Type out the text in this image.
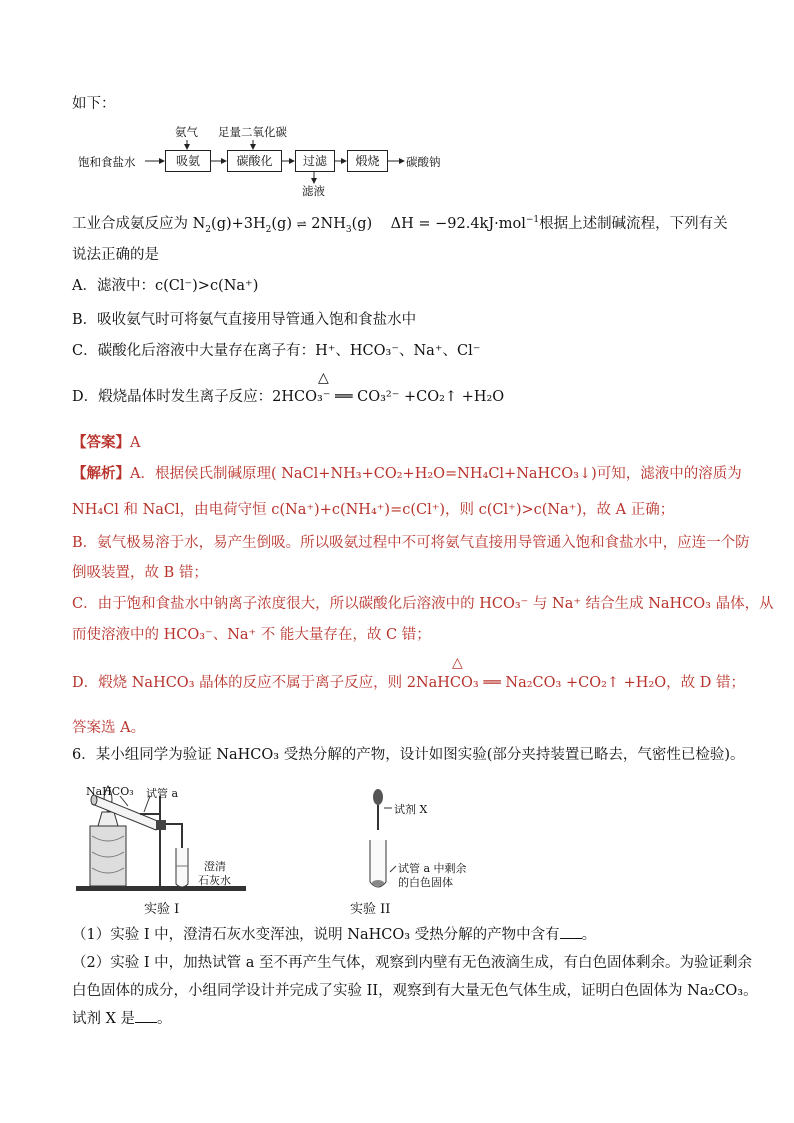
如下：
饱和食盐水	吸氨	碳酸化	过滤	煅烧	碳酸钠
氨气 足量二氧化碳
滤液
工业合成氨反应为 $N_2(g)+3H_2(g)$ ⇌ $2NH_3(g) \Delta H = -92.4kJ\cdot mol^{-1}$根据上述制碱流程，下列有关
说法正确的是
A．滤液中：c(Cl⁻)>c(Na⁺)
B．吸收氨气时可将氨气直接用导管通入饱和食盐水中
C．碳酸化后溶液中大量存在离子有：H⁺、HCO₃⁻、Na⁺、Cl⁻
△
D．煅烧晶体时发生离子反应：2HCO₃⁻ ══ CO₃²⁻ +CO₂↑ +H₂O
【答案】A
【解析】A．根据侯氏制碱原理( NaCl+NH₃+CO₂+H₂O=NH₄Cl+NaHCO₃↓)可知，滤液中的溶质为
NH₄Cl 和 NaCl，由电荷守恒 c(Na⁺)+c(NH₄⁺)=c(Cl⁺)，则 c(Cl⁺)>c(Na⁺)，故 A 正确；
B．氨气极易溶于水，易产生倒吸。所以吸氨过程中不可将氨气直接用导管通入饱和食盐水中，应连一个防
倒吸装置，故 B 错；
C．由于饱和食盐水中钠离子浓度很大，所以碳酸化后溶液中的 HCO₃⁻ 与 Na⁺ 结合生成 NaHCO₃ 晶体，从
而使溶液中的 HCO₃⁻、Na⁺ 不 能大量存在，故 C 错；
△
D．煅烧 NaHCO₃ 晶体的反应不属于离子反应，则 2NaHCO₃ ══ Na₂CO₃ +CO₂↑ +H₂O，故 D 错；
答案选 A。
6．某小组同学为验证 NaHCO₃ 受热分解的产物，设计如图实验(部分夹持装置已略去，气密性已检验)。
NaHCO₃ 试管 a
澄清
石灰水
实验 I
试剂 X
试管 a 中剩余
的白色固体
实验 II
（1）实验 I 中，澄清石灰水变浑浊，说明 NaHCO₃ 受热分解的产物中含有 。
（2）实验 I 中，加热试管 a 至不再产生气体，观察到内壁有无色液滴生成，有白色固体剩余。为验证剩余
白色固体的成分，小组同学设计并完成了实验 II，观察到有大量无色气体生成，证明白色固体为 Na₂CO₃。
试剂 X 是 。
